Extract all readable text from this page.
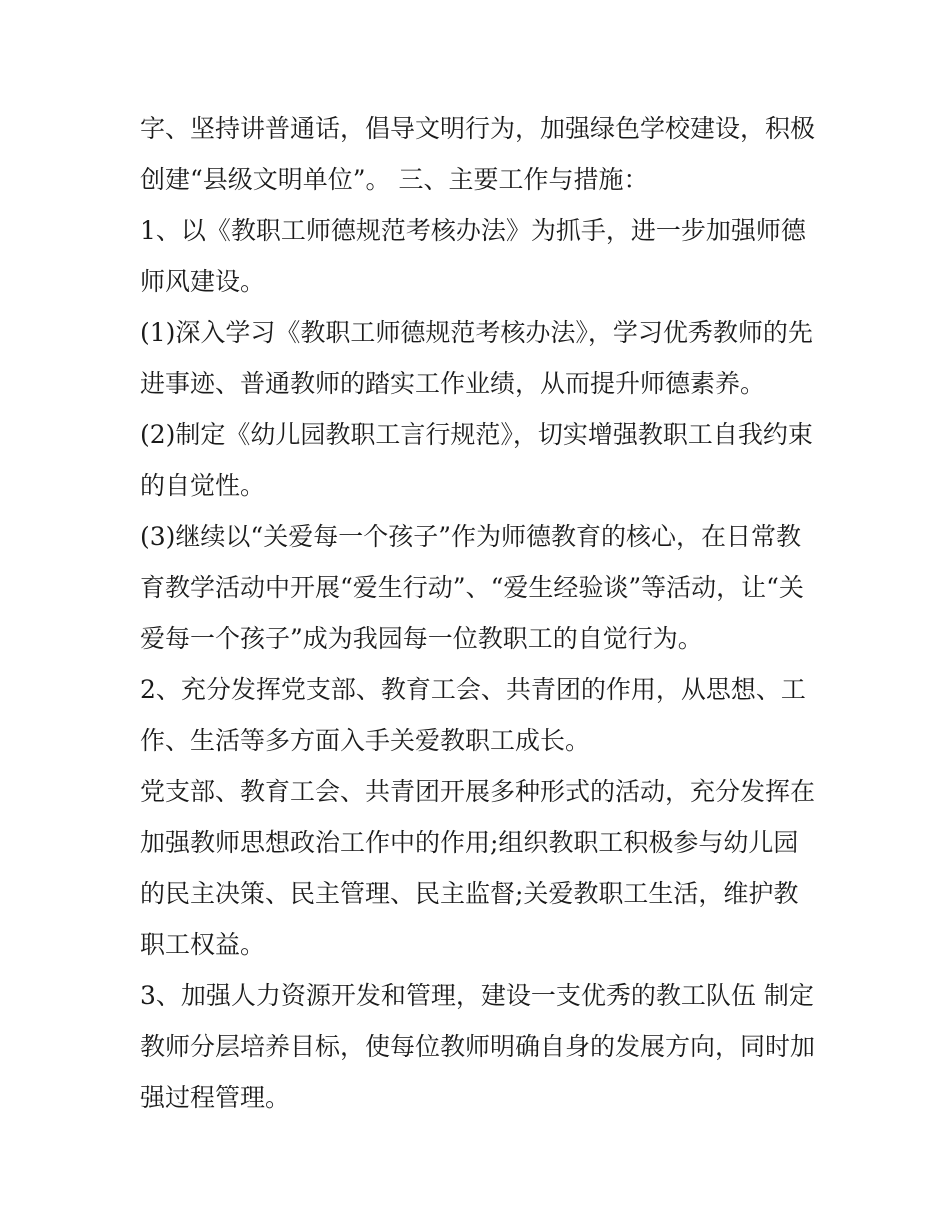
字、坚持讲普通话，倡导文明行为，加强绿色学校建设，积极创建“县级文明单位”。 三、主要工作与措施：

1、以《教职工师德规范考核办法》为抓手，进一步加强师德师风建设。

(1)深入学习《教职工师德规范考核办法》，学习优秀教师的先进事迹、普通教师的踏实工作业绩，从而提升师德素养。

(2)制定《幼儿园教职工言行规范》，切实增强教职工自我约束的自觉性。

(3)继续以“关爱每一个孩子”作为师德教育的核心，在日常教育教学活动中开展“爱生行动”、“爱生经验谈”等活动，让“关爱每一个孩子”成为我园每一位教职工的自觉行为。

2、充分发挥党支部、教育工会、共青团的作用，从思想、工作、生活等多方面入手关爱教职工成长。

党支部、教育工会、共青团开展多种形式的活动，充分发挥在加强教师思想政治工作中的作用;组织教职工积极参与幼儿园的民主决策、民主管理、民主监督;关爱教职工生活，维护教职工权益。

3、加强人力资源开发和管理，建设一支优秀的教工队伍 制定教师分层培养目标，使每位教师明确自身的发展方向，同时加强过程管理。
